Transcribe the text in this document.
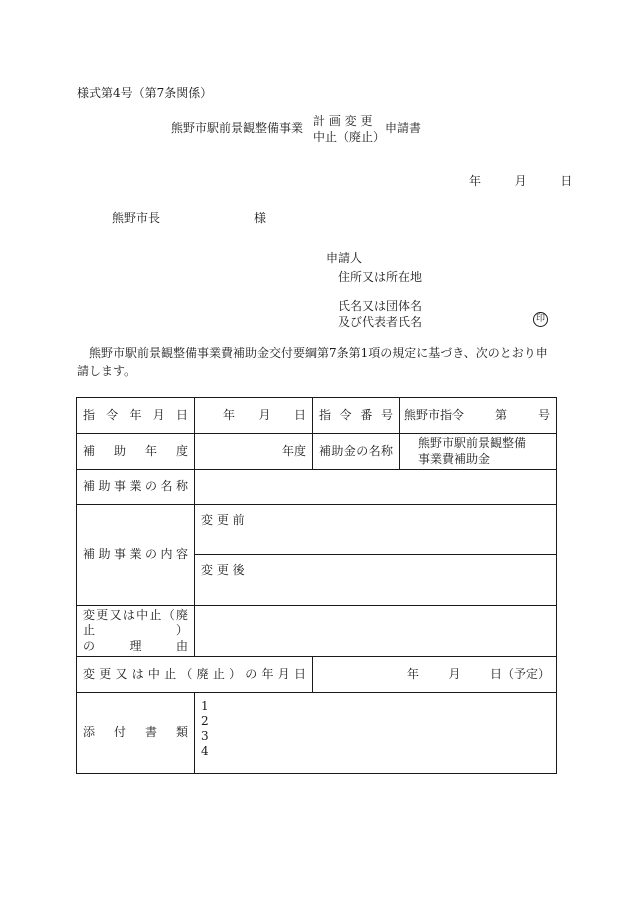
様式第4号（第7条関係）
熊野市駅前景観整備事業 計 画 変 更
中止（廃止）
申請書
年	月	日
熊野市長	様
申請人
住所又は所在地
氏名又は団体名
及び代表者氏名	印
熊野市駅前景観整備事業費補助金交付要綱第7条第1項の規定に基づき、次のとおり申請します。
指令年月日	年 月 日	指令番号	熊野市指令 第 号

補助年度	年度	補助金の名称	熊野市駅前景観整備
事業費補助金

補助事業の名称			

補助事業の内容	変 更 前		
	変 更 後		

変更又は中止（廃止）
の理由			

変更又は中止（廃止）の年月日		年 月 日（予定）	

添付書類	1
2
3
4		
